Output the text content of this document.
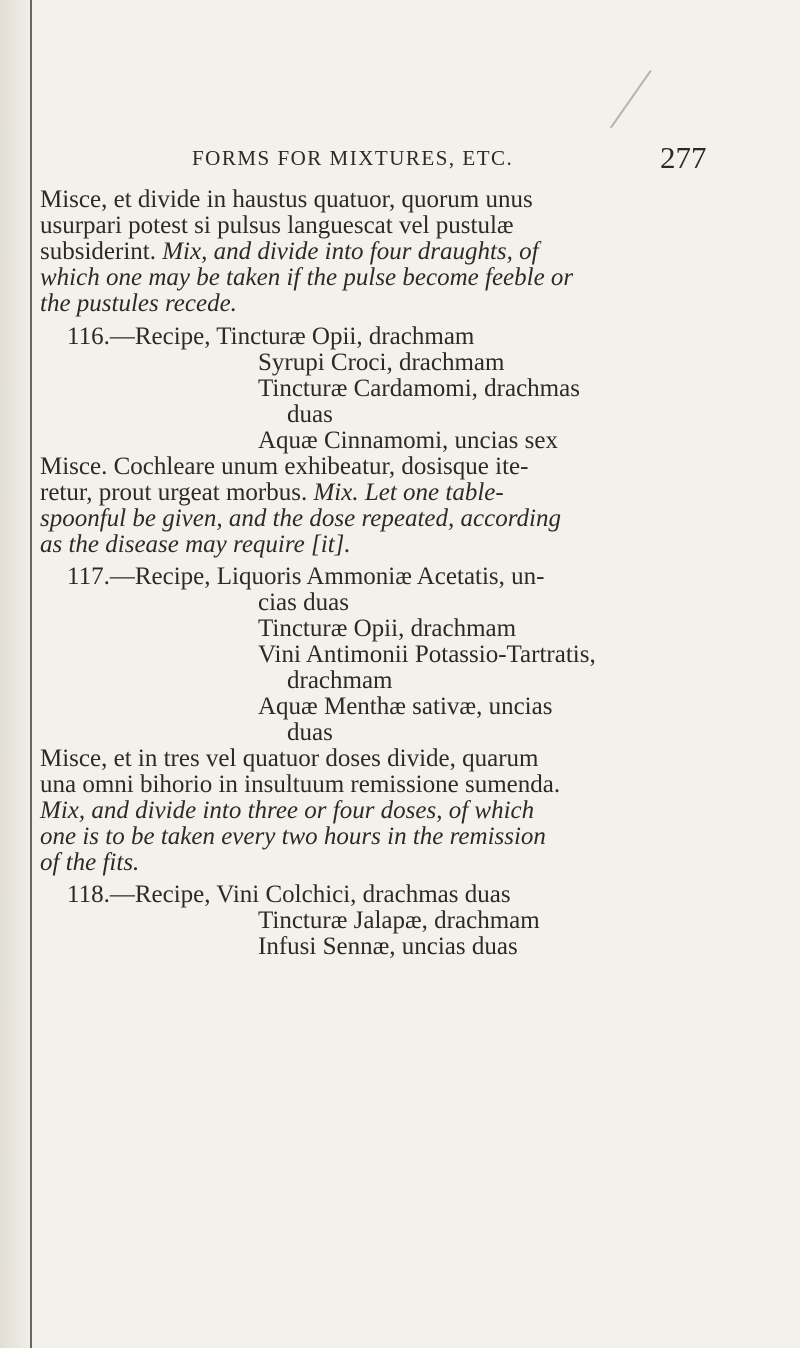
FORMS FOR MIXTURES, ETC.	277
Misce, et divide in haustus quatuor, quorum unus
usurpari potest si pulsus languescat vel pustulæ
subsiderint. Mix, and divide into four draughts, of
which one may be taken if the pulse become feeble or
the pustules recede.
116.—Recipe, Tincturæ Opii, drachmam
Syrupi Croci, drachmam
Tincturæ Cardamomi, drachmas
duas
Aquæ Cinnamomi, uncias sex
Misce. Cochleare unum exhibeatur, dosisque ite-
retur, prout urgeat morbus. Mix. Let one table-
spoonful be given, and the dose repeated, according
as the disease may require [it].
117.—Recipe, Liquoris Ammoniæ Acetatis, un-
cias duas
Tincturæ Opii, drachmam
Vini Antimonii Potassio-Tartratis,
drachmam
Aquæ Menthæ sativæ, uncias
duas
Misce, et in tres vel quatuor doses divide, quarum
una omni bihorio in insultuum remissione sumenda.
Mix, and divide into three or four doses, of which
one is to be taken every two hours in the remission
of the fits.
118.—Recipe, Vini Colchici, drachmas duas
Tincturæ Jalapæ, drachmam
Infusi Sennæ, uncias duas
